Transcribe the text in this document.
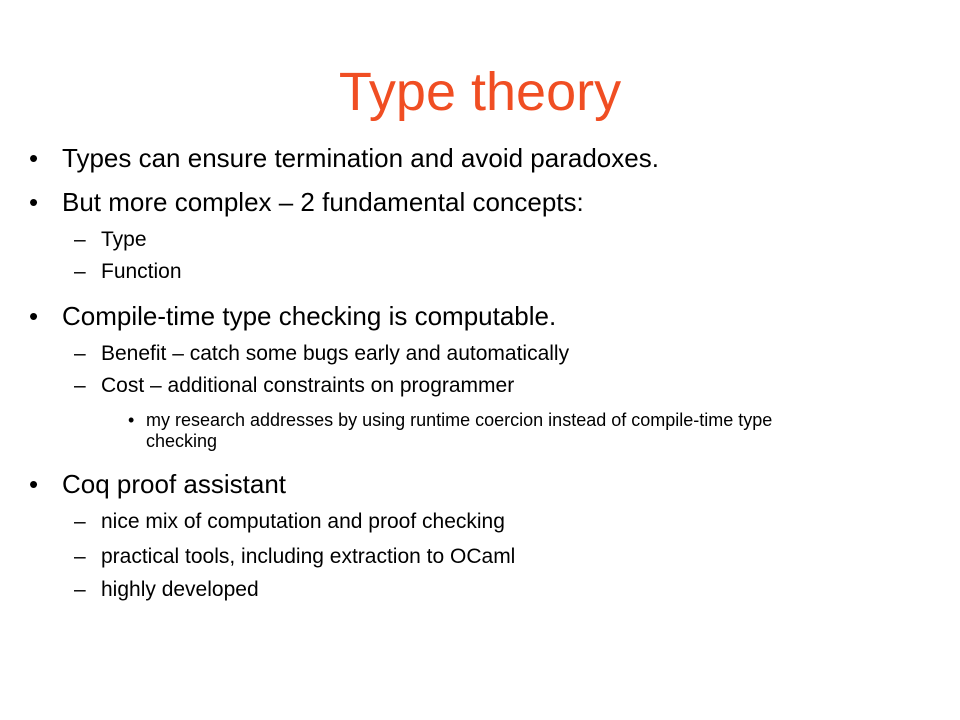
Type theory
• Types can ensure termination and avoid paradoxes.
• But more complex – 2 fundamental concepts:
– Type
– Function
• Compile-time type checking is computable.
– Benefit – catch some bugs early and automatically
– Cost – additional constraints on programmer
• my research addresses by using runtime coercion instead of compile-time type checking
• Coq proof assistant
– nice mix of computation and proof checking
– practical tools, including extraction to OCaml
– highly developed
